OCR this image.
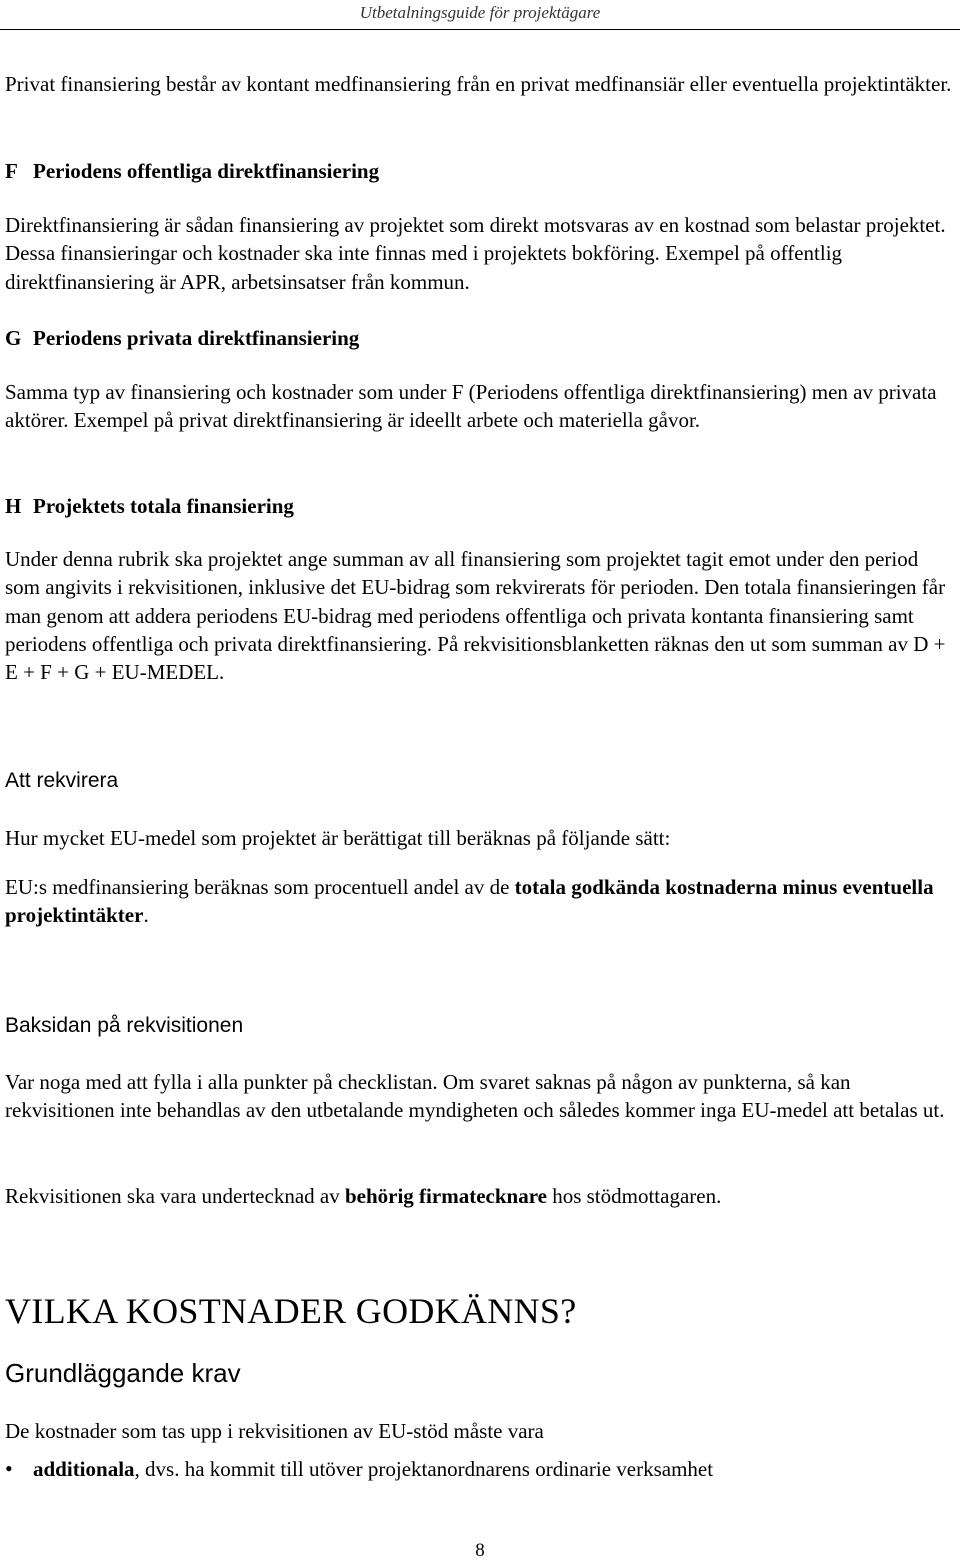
Utbetalningsguide för projektägare

Privat finansiering består av kontant medfinansiering från en privat medfinansiär eller eventuella projektintäkter.

F Periodens offentliga direktfinansiering

Direktfinansiering är sådan finansiering av projektet som direkt motsvaras av en kostnad som belastar projektet. Dessa finansieringar och kostnader ska inte finnas med i projektets bokföring. Exempel på offentlig direktfinansiering är APR, arbetsinsatser från kommun.

G Periodens privata direktfinansiering

Samma typ av finansiering och kostnader som under F (Periodens offentliga direktfinansiering) men av privata aktörer. Exempel på privat direktfinansiering är ideellt arbete och materiella gåvor.

H Projektets totala finansiering

Under denna rubrik ska projektet ange summan av all finansiering som projektet tagit emot under den period som angivits i rekvisitionen, inklusive det EU-bidrag som rekvirerats för perioden. Den totala finansieringen får man genom att addera periodens EU-bidrag med periodens offentliga och privata kontanta finansiering samt periodens offentliga och privata direktfinansiering. På rekvisitionsblanketten räknas den ut som summan av D + E + F + G + EU-MEDEL.

Att rekvirera

Hur mycket EU-medel som projektet är berättigat till beräknas på följande sätt:

EU:s medfinansiering beräknas som procentuell andel av de totala godkända kostnaderna minus eventuella projektintäkter.

Baksidan på rekvisitionen

Var noga med att fylla i alla punkter på checklistan. Om svaret saknas på någon av punkterna, så kan rekvisitionen inte behandlas av den utbetalande myndigheten och således kommer inga EU-medel att betalas ut.

Rekvisitionen ska vara undertecknad av behörig firmatecknare hos stödmottagaren.

VILKA KOSTNADER GODKÄNNS?
Grundläggande krav

De kostnader som tas upp i rekvisitionen av EU-stöd måste vara

• additionala, dvs. ha kommit till utöver projektanordnarens ordinarie verksamhet
8
